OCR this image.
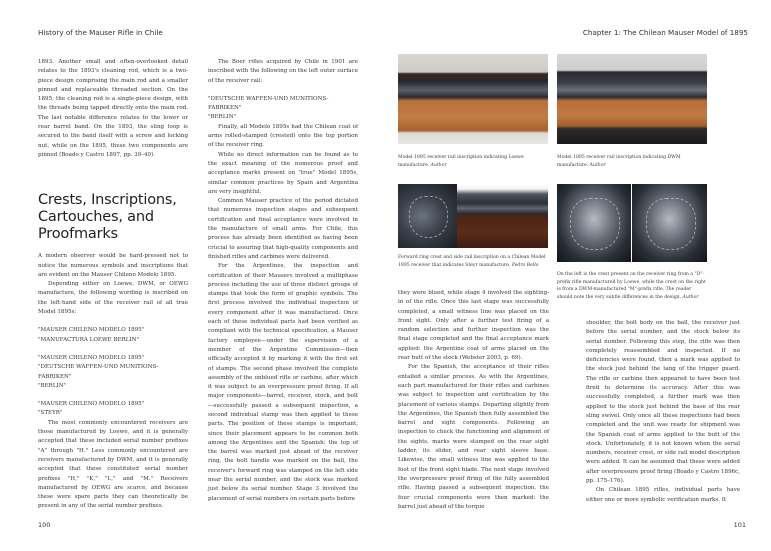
History of the Mauser Rifle in Chile

1893. Another small and often-overlooked detail relates to the 1893's cleaning rod, which is a two-piece design comprising the main rod and a smaller pinned and replaceable threaded section. On the 1895, the cleaning rod is a single-piece design, with the threads being tapped directly onto the main rod. The last notable difference relates to the lower or rear barrel band. On the 1893, the sling loop is secured to the band itself with a screw and locking nut, while on the 1895, these two components are pinned (Boado y Castro 1897, pp. 39–40).

Crests, Inscriptions, Cartouches, and Proofmarks

A modern observer would be hard-pressed not to notice the numerous symbols and inscriptions that are evident on the Mauser Chileno Modelo 1895.

Depending either on Loewe, DWM, or OEWG manufacture, the following wording is inscribed on the left-hand side of the receiver rail of all true Model 1895s:

"MAUSER CHILENO MODELO 1895"
"MANUFACTURA LOEWE BERLIN"

"MAUSER CHILENO MODELO 1895"
"DEUTSCHE WAFFEN-UND MUNITIONS-
FABRIKEN"
"BERLIN"

"MAUSER CHILENO MODELO 1895"
"STEYR"

The most commonly encountered receivers are those manufactured by Loewe, and it is generally accepted that these included serial number prefixes "A" through "H." Less commonly encountered are receivers manufactured by DWM, and it is generally accepted that these constituted serial number prefixes "H," "K," "L," and "M." Receivers manufactured by OEWG are scarce, and because these were spare parts they can theoretically be present in any of the serial number prefixes.

The Boer rifles acquired by Chile in 1901 are inscribed with the following on the left outer surface of the receiver rail:

"DEUTSCHE WAFFEN-UND MUNITIONS-
FABRIKEN"
"BERLIN"

Finally, all Modelo 1895s had the Chilean coat of arms rolled-stamped (crested) onto the top portion of the receiver ring.

While no direct information can be found as to the exact meaning of the numerous proof and acceptance marks present on "true" Model 1895s, similar common practices by Spain and Argentina are very insightful.

Common Mauser practice of the period dictated that numerous inspection stages and subsequent certification and final acceptance were involved in the manufacture of small arms. For Chile, this process has already been identified as having been crucial to assuring that high-quality components and finished rifles and carbines were delivered.

For the Argentines, the inspection and certification of their Mausers involved a multiphase process including the use of three distinct groups of stamps that took the form of graphic symbols. The first process involved the individual inspection of every component after it was manufactured. Once each of these individual parts had been verified as compliant with the technical specification, a Mauser factory employee—under the supervision of a member of the Argentine Commission—then officially accepted it by marking it with the first set of stamps. The second phase involved the complete assembly of the unblued rifle or carbine, after which it was subject to an overpressure proof firing. If all major components—barrel, receiver, stock, and bolt—successfully passed a subsequent inspection, a second individual stamp was then applied to these parts. The position of these stamps is important, since their placement appears to be common both among the Argentines and the Spanish: the top of the barrel was marked just ahead of the receiver ring, the bolt handle was marked on the ball, the receiver's forward ring was stamped on the left side near the serial number, and the stock was marked just below its serial number. Stage 3 involved the placement of serial numbers on certain parts before

100
Chapter 1: The Chilean Mauser Model of 1895
Model 1895 receiver rail inscription indicating Loewe manufacture. Author
Model 1895 receiver rail inscription indicating DWM manufacture. Author
Forward ring crest and side rail inscription on a Chilean Model 1895 receiver that indicates Steyr manufacture. Pedro Bello
On the left is the crest present on the receiver ring from a "D"-prefix rifle manufactured by Loewe, while the crest on the right is from a DWM-manufactured "M"-prefix rifle. The reader should note the very subtle differences in the design. Author

they were blued, while stage 4 involved the sighting-in of the rifle. Once this last stage was successfully completed, a small witness line was placed on the front sight. Only after a further test firing of a random selection and further inspection was the final stage completed and the final acceptance mark applied: the Argentine coat of arms placed on the rear butt of the stock (Webster 2003, p. 69).

For the Spanish, the acceptance of their rifles entailed a similar process. As with the Argentines, each part manufactured for their rifles and carbines was subject to inspection and certification by the placement of various stamps. Departing slightly from the Argentines, the Spanish then fully assembled the barrel and sight components. Following an inspection to check the functioning and alignment of the sights, marks were stamped on the rear sight ladder, its slider, and rear sight sleeve base. Likewise, the small witness line was applied to the foot of the front sight blade. The next stage involved the overpressure proof firing of the fully assembled rifle. Having passed a subsequent inspection, the four crucial components were then marked: the barrel just ahead of the torque

shoulder, the bolt body on the ball, the receiver just before the serial number, and the stock below its serial number. Following this step, the rifle was then completely reassembled and inspected. If no deficiencies were found, then a mark was applied to the stock just behind the tang of the trigger guard. The rifle or carbine then appeared to have been test fired to determine its accuracy. After this was successfully completed, a further mark was then applied to the stock just behind the base of the rear sling swivel. Only once all these inspections had been completed and the unit was ready for shipment was the Spanish coat of arms applied to the butt of the stock. Unfortunately, it is not known when the serial numbers, receiver crest, or side rail model description were added. It can be assumed that these were added after overpressure proof firing (Boado y Castro 1896c, pp. 175–176).

On Chilean 1895 rifles, individual parts have either one or more symbolic verification marks. It

101
